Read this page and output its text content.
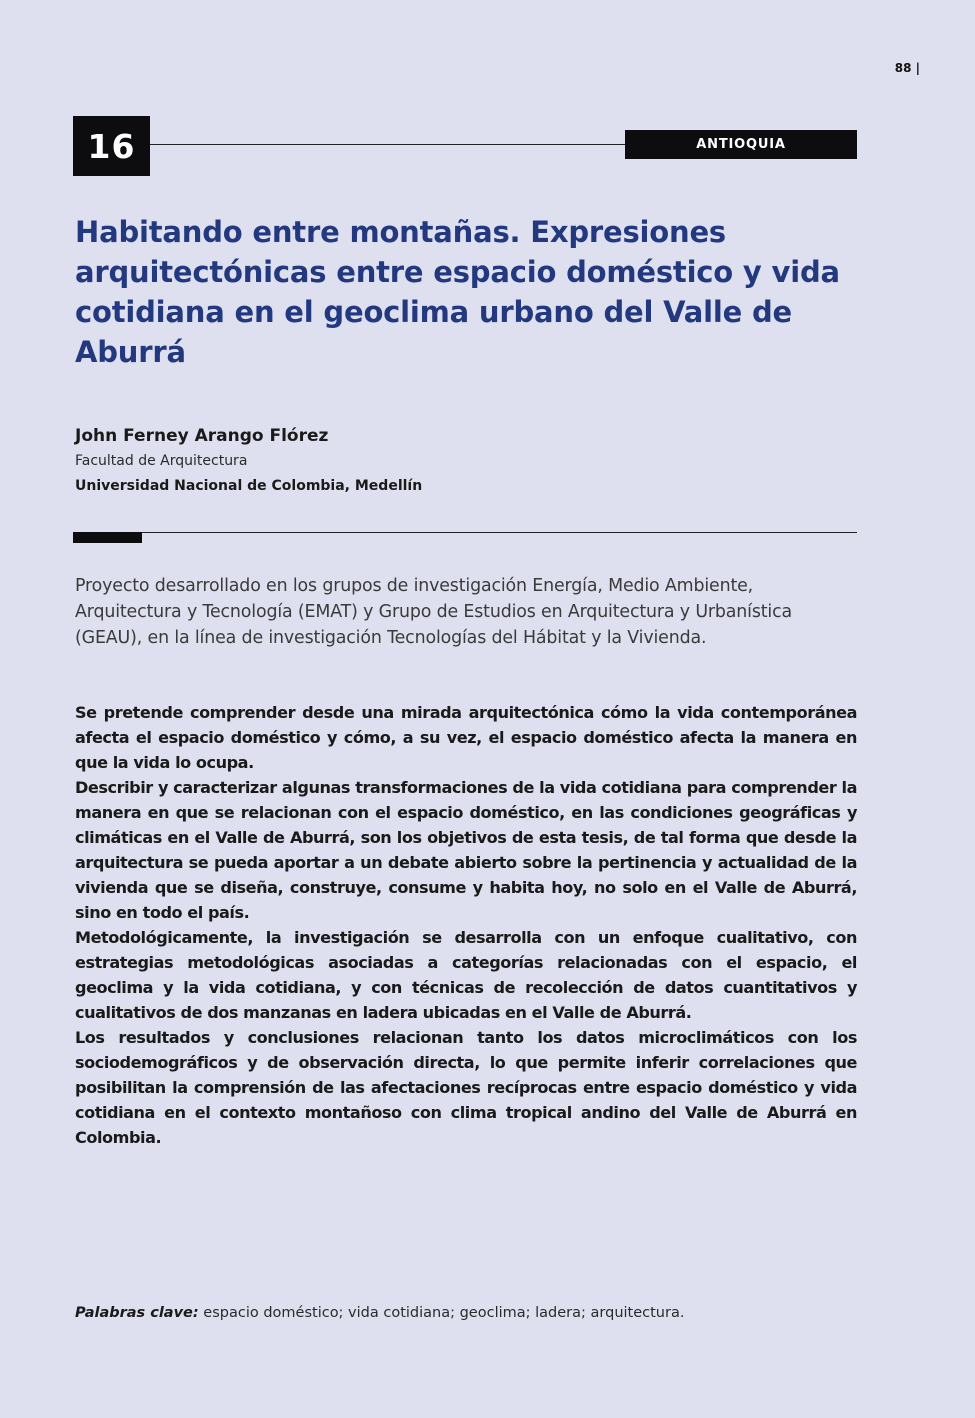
88 |
16	ANTIOQUIA
Habitando entre montañas. Expresiones arquitectónicas entre espacio doméstico y vida cotidiana en el geoclima urbano del Valle de Aburrá
John Ferney Arango Flórez
Facultad de Arquitectura
Universidad Nacional de Colombia, Medellín

Proyecto desarrollado en los grupos de investigación Energía, Medio Ambiente, Arquitectura y Tecnología (EMAT) y Grupo de Estudios en Arquitectura y Urbanística (GEAU), en la línea de investigación Tecnologías del Hábitat y la Vivienda.

Se pretende comprender desde una mirada arquitectónica cómo la vida contemporánea afecta el espacio doméstico y cómo, a su vez, el espacio doméstico afecta la manera en que la vida lo ocupa.

Describir y caracterizar algunas transformaciones de la vida cotidiana para comprender la manera en que se relacionan con el espacio doméstico, en las condiciones geográficas y climáticas en el Valle de Aburrá, son los objetivos de esta tesis, de tal forma que desde la arquitectura se pueda aportar a un debate abierto sobre la pertinencia y actualidad de la vivienda que se diseña, construye, consume y habita hoy, no solo en el Valle de Aburrá, sino en todo el país.

Metodológicamente, la investigación se desarrolla con un enfoque cualitativo, con estrategias metodológicas asociadas a categorías relacionadas con el espacio, el geoclima y la vida cotidiana, y con técnicas de recolección de datos cuantitativos y cualitativos de dos manzanas en ladera ubicadas en el Valle de Aburrá.

Los resultados y conclusiones relacionan tanto los datos microclimáticos con los sociodemográficos y de observación directa, lo que permite inferir correlaciones que posibilitan la comprensión de las afectaciones recíprocas entre espacio doméstico y vida cotidiana en el contexto montañoso con clima tropical andino del Valle de Aburrá en Colombia.

Palabras clave: espacio doméstico; vida cotidiana; geoclima; ladera; arquitectura.
